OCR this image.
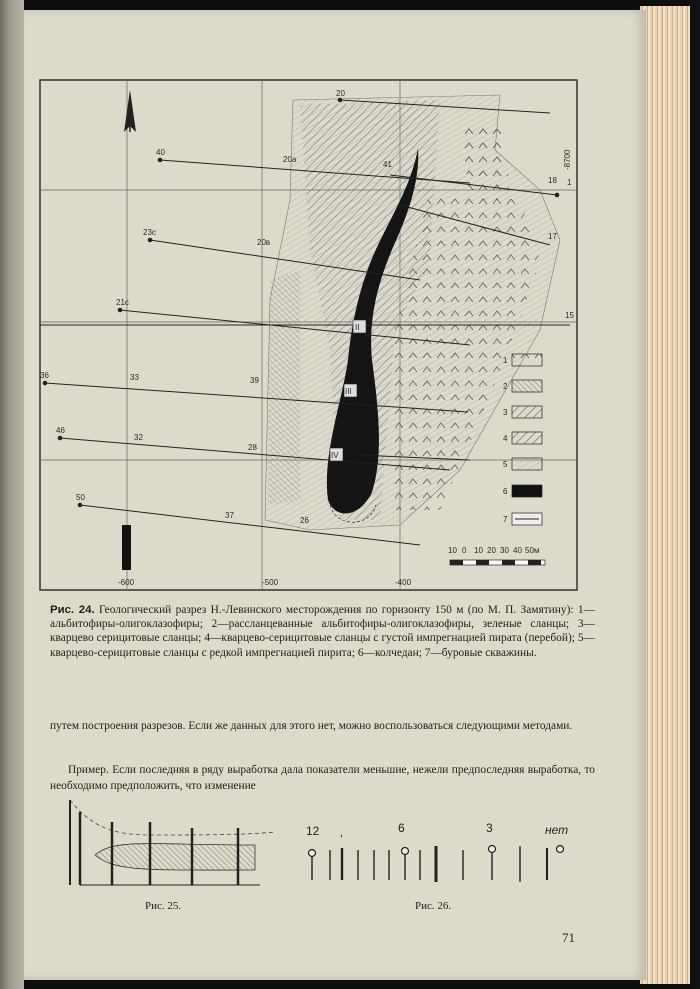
20
40
20а
41
18
23с
20в
17
21с
15
36	33	39
46
32
28
50
37
26
1
II
III
IV
-8700
-600	-500	-400
1
2
3
4
5
6
7
10 0 10 20 30 40 50м
12	6	3	нет
‚
Рис. 24. Геологический разрез Н.-Левинского месторождения по горизонту 150 м (по М. П. Замятину): 1—альбитофиры-олигоклазофиры; 2—рассланцеванные альбитофиры-олигоклазофиры, зеленые сланцы; 3—кварцево серицитовые сланцы; 4—кварцево-серицитовые сланцы с густой импрегнацией пирата (перебой); 5—кварцево-серицитовые сланцы с редкой импрегнацией пирита; 6—колчедан; 7—буровые скважины.
путем построения разрезов. Если же данных для этого нет, можно воспользоваться следующими методами.
Пример. Если последняя в ряду выработка дала показатели меньшие, нежели предпоследняя выработка, то необходимо предположить, что изменение
Рис. 25.	Рис. 26.
71
